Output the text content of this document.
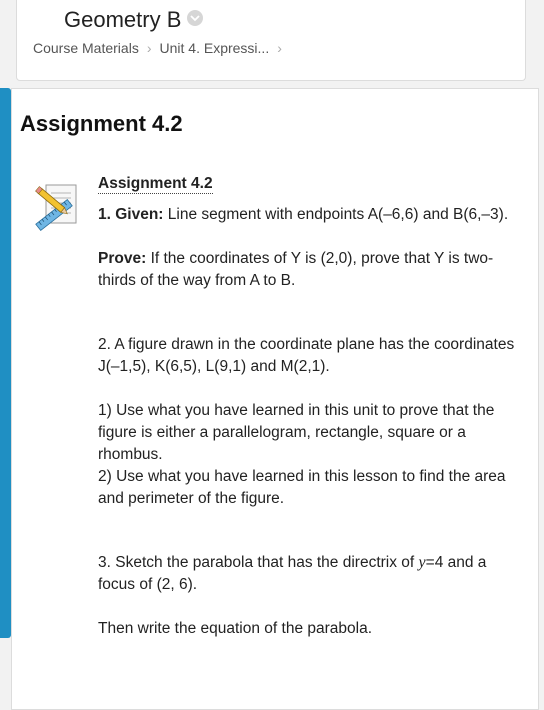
Geometry B
Course Materials › Unit 4. Expressi... ›
Assignment 4.2
Assignment 4.2

1. Given: Line segment with endpoints A(–6,6) and B(6,–3).

Prove: If the coordinates of Y is (2,0), prove that Y is two-thirds of the way from A to B.

2. A figure drawn in the coordinate plane has the coordinates J(–1,5), K(6,5), L(9,1) and M(2,1).

1) Use what you have learned in this unit to prove that the figure is either a parallelogram, rectangle, square or a rhombus.

2) Use what you have learned in this lesson to find the area and perimeter of the figure.

3. Sketch the parabola that has the directrix of y=4 and a focus of (2, 6).

Then write the equation of the parabola.
